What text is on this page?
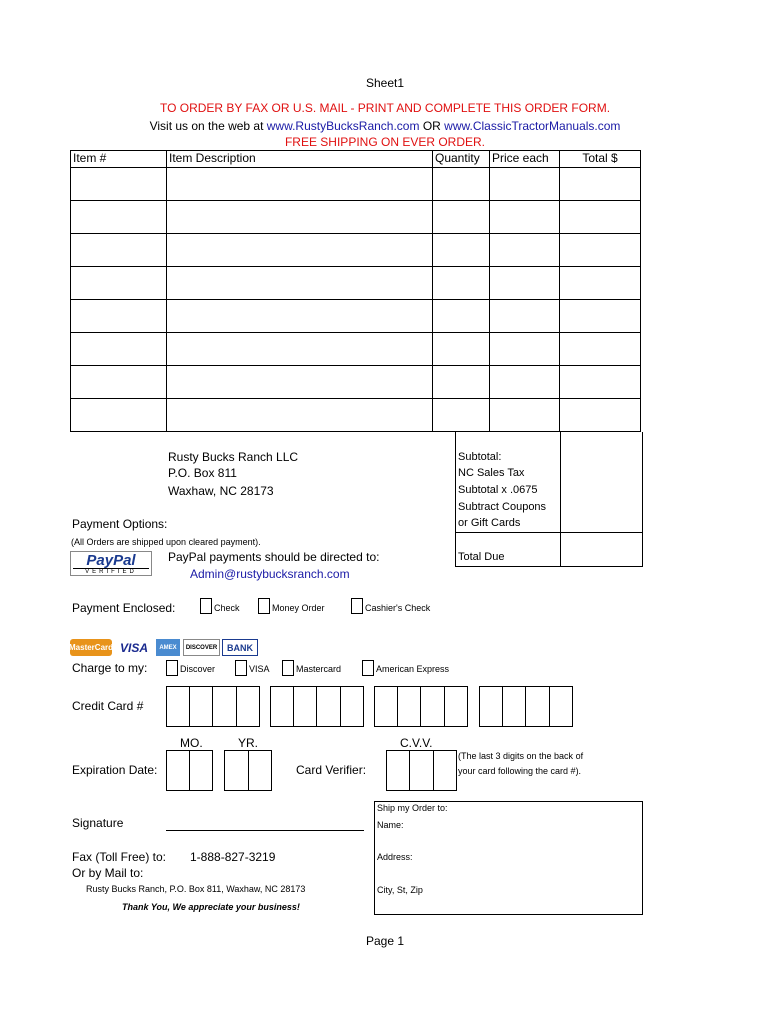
Sheet1
TO ORDER BY FAX OR U.S. MAIL - PRINT AND COMPLETE THIS ORDER FORM.
Visit us on the web at www.RustyBucksRanch.com OR www.ClassicTractorManuals.com
FREE SHIPPING ON EVER ORDER.
Item #	Item Description	Quantity	Price each	Total $

Subtotal:
NC Sales Tax
Subtotal x .0675
Subtract Coupons
or Gift Cards
Total Due
Rusty Bucks Ranch LLC
P.O. Box 811
Waxhaw, NC 28173
Payment Options:
(All Orders are shipped upon cleared payment).
PayPal
VERIFIED
PayPal payments should be directed to:
Admin@rustybucksranch.com
Payment Enclosed:	Check	Money Order	Cashier's Check
MasterCard VISA	AMEX	DISCOVER	BANK
Charge to my:	Discover	VISA	Mastercard	American Express
Credit Card #
MO.	YR.	C.V.V.
Expiration Date:	Card Verifier:
(The last 3 digits on the back of
your card following the card #).
Signature
Fax (Toll Free) to: 1-888-827-3219
Or by Mail to:
Rusty Bucks Ranch, P.O. Box 811, Waxhaw, NC 28173
Thank You, We appreciate your business!
Ship my Order to:
Name:
Address:
City, St, Zip
Page 1
